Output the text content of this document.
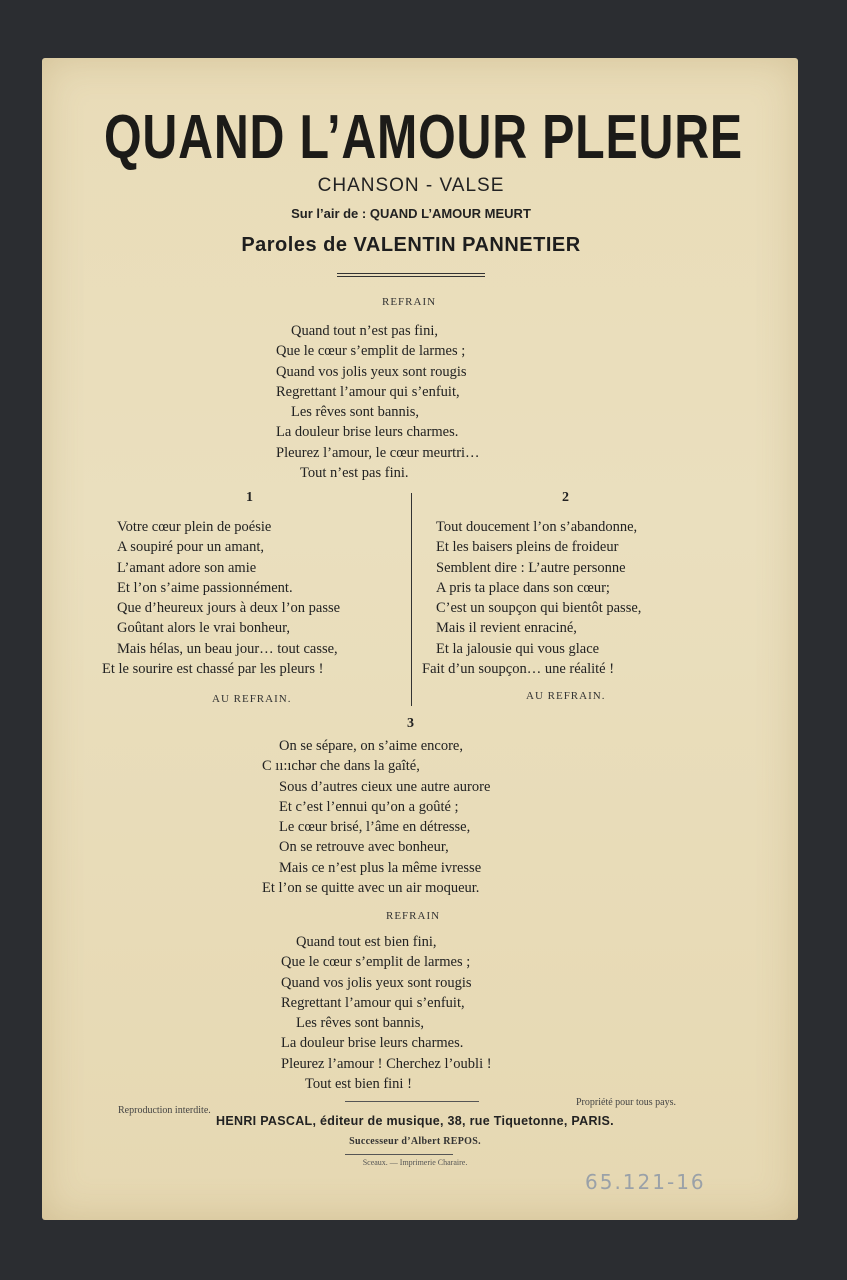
QUAND L’AMOUR PLEURE
CHANSON - VALSE
Sur l’air de : QUAND L’AMOUR MEURT
Paroles de VALENTIN PANNETIER
REFRAIN
Quand tout n’est pas fini,
Que le cœur s’emplit de larmes ;
Quand vos jolis yeux sont rougis
Regrettant l’amour qui s’enfuit,
Les rêves sont bannis,
La douleur brise leurs charmes.
Pleurez l’amour, le cœur meurtri…
Tout n’est pas fini.
1
Votre cœur plein de poésie
A soupiré pour un amant,
L’amant adore son amie
Et l’on s’aime passionnément.
Que d’heureux jours à deux l’on passe
Goûtant alors le vrai bonheur,
Mais hélas, un beau jour… tout casse,
Et le sourire est chassé par les pleurs !
AU REFRAIN.
2
Tout doucement l’on s’abandonne,
Et les baisers pleins de froideur
Semblent dire : L’autre personne
A pris ta place dans son cœur;
C’est un soupçon qui bientôt passe,
Mais il revient enraciné,
Et la jalousie qui vous glace
Fait d’un soupçon… une réalité !
AU REFRAIN.
3
On se sépare, on s’aime encore,
C ıı:ıchər che dans la gaîté,
Sous d’autres cieux une autre aurore
Et c’est l’ennui qu’on a goûté ;
Le cœur brisé, l’âme en détresse,
On se retrouve avec bonheur,
Mais ce n’est plus la même ivresse
Et l’on se quitte avec un air moqueur.
REFRAIN
Quand tout est bien fini,
Que le cœur s’emplit de larmes ;
Quand vos jolis yeux sont rougis
Regrettant l’amour qui s’enfuit,
Les rêves sont bannis,
La douleur brise leurs charmes.
Pleurez l’amour ! Cherchez l’oubli !
Tout est bien fini !
Reproduction interdite.
Propriété pour tous pays.
HENRI PASCAL, éditeur de musique, 38, rue Tiquetonne, PARIS.
Successeur d’Albert REPOS.
Sceaux. — Imprimerie Charaire.
65.121-16
